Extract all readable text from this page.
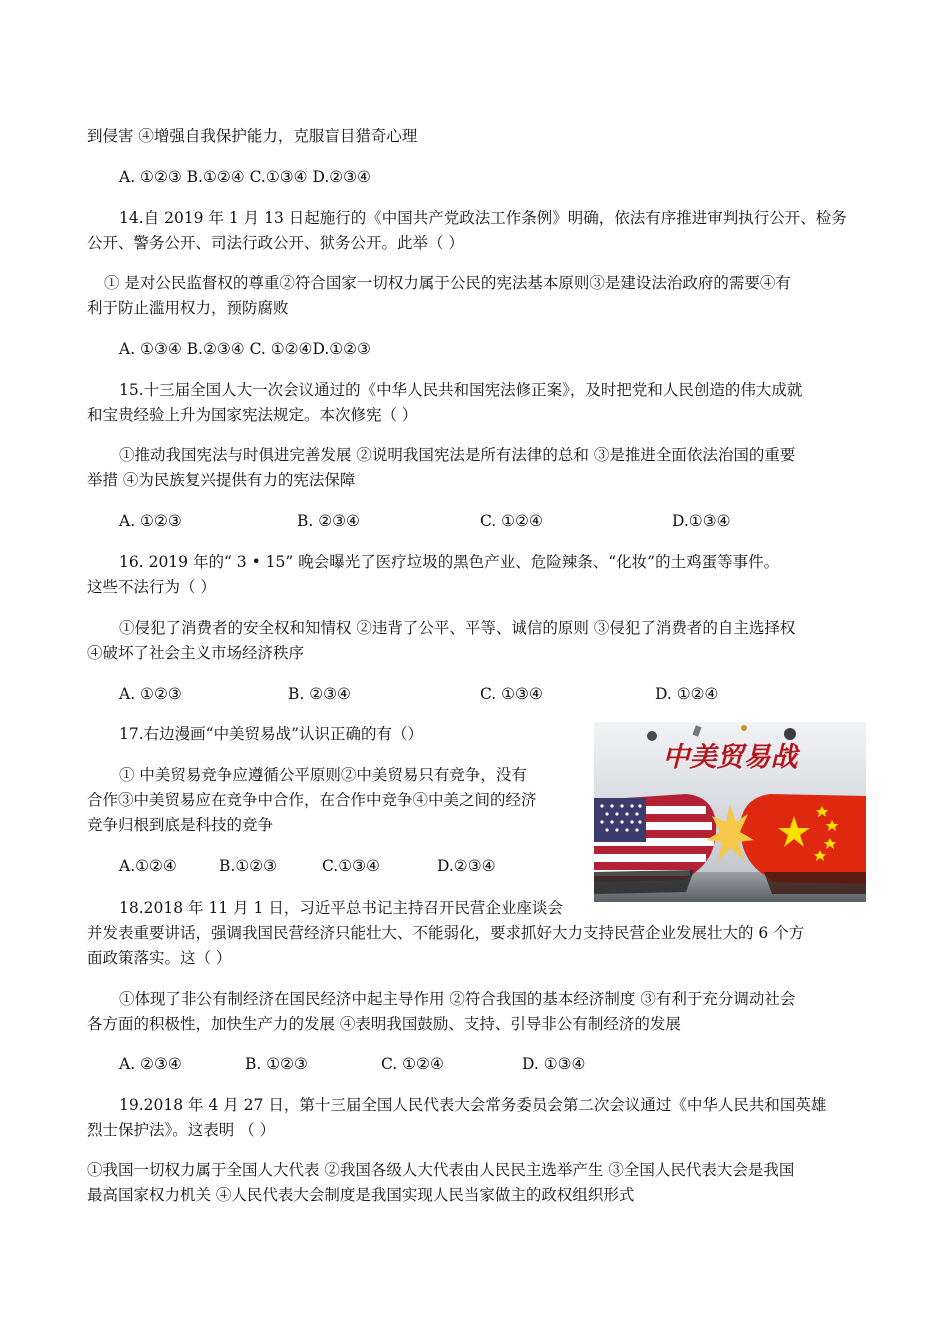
到侵害 ④增强自我保护能力，克服盲目猎奇心理
A. ①②③ B.①②④ C.①③④ D.②③④
14.自 2019 年 1 月 13 日起施行的《中国共产党政法工作条例》明确，依法有序推进审判执行公开、检务
公开、警务公开、司法行政公开、狱务公开。此举（ ）
① 是对公民监督权的尊重②符合国家一切权力属于公民的宪法基本原则③是建设法治政府的需要④有
利于防止滥用权力，预防腐败
A. ①③④ B.②③④ C. ①②④D.①②③
15.十三届全国人大一次会议通过的《中华人民共和国宪法修正案》，及时把党和人民创造的伟大成就
和宝贵经验上升为国家宪法规定。本次修宪（ ）
①推动我国宪法与时俱进完善发展 ②说明我国宪法是所有法律的总和 ③是推进全面依法治国的重要
举措 ④为民族复兴提供有力的宪法保障
A. ①②③	B. ②③④	C. ①②④	D.①③④
16. 2019 年的“ 3 • 15” 晚会曝光了医疗垃圾的黑色产业、危险辣条、“化妆”的土鸡蛋等事件。
这些不法行为（ ）
①侵犯了消费者的安全权和知情权 ②违背了公平、平等、诚信的原则 ③侵犯了消费者的自主选择权
④破坏了社会主义市场经济秩序
A. ①②③	B. ②③④	C. ①③④	D. ①②④
17.右边漫画“中美贸易战”认识正确的有（）
① 中美贸易竞争应遵循公平原则②中美贸易只有竞争，没有
合作③中美贸易应在竞争中合作，在合作中竞争④中美之间的经济
竞争归根到底是科技的竞争
A.①②④	B.①②③	C.①③④	D.②③④
中美贸易战
18.2018 年 11 月 1 日，习近平总书记主持召开民营企业座谈会
并发表重要讲话，强调我国民营经济只能壮大、不能弱化，要求抓好大力支持民营企业发展壮大的 6 个方
面政策落实。这（ ）
①体现了非公有制经济在国民经济中起主导作用 ②符合我国的基本经济制度 ③有利于充分调动社会
各方面的积极性，加快生产力的发展 ④表明我国鼓励、支持、引导非公有制经济的发展
A. ②③④	B. ①②③	C. ①②④	D. ①③④
19.2018 年 4 月 27 日，第十三届全国人民代表大会常务委员会第二次会议通过《中华人民共和国英雄
烈士保护法》。这表明 （ ）
①我国一切权力属于全国人大代表 ②我国各级人大代表由人民民主选举产生 ③全国人民代表大会是我国
最高国家权力机关 ④人民代表大会制度是我国实现人民当家做主的政权组织形式
